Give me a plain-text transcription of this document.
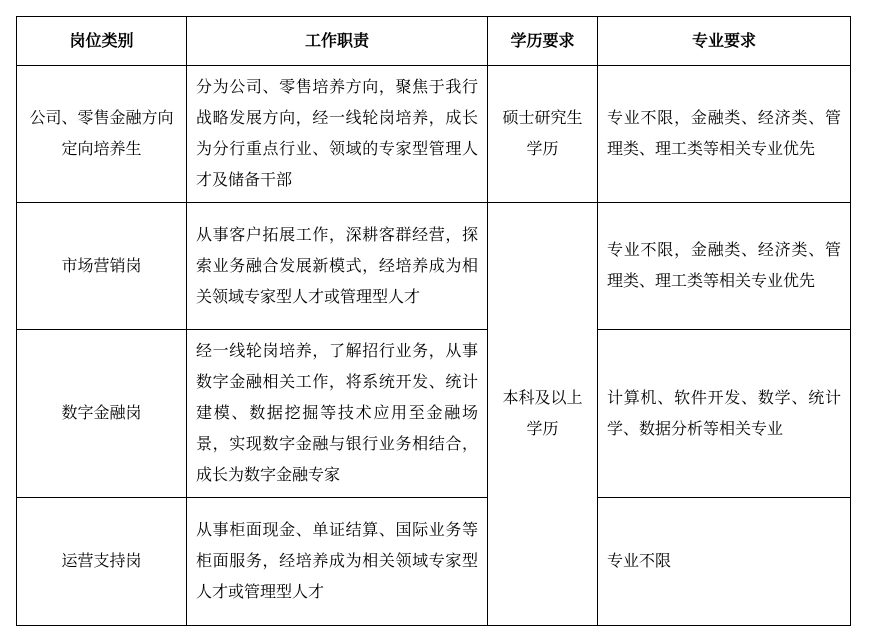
岗位类别	工作职责	学历要求	专业要求
公司、零售金融方向定向培养生	分为公司、零售培养方向，聚焦于我行战略发展方向，经一线轮岗培养，成长为分行重点行业、领域的专家型管理人才及储备干部	硕士研究生学历	专业不限，金融类、经济类、管理类、理工类等相关专业优先
市场营销岗	从事客户拓展工作，深耕客群经营，探索业务融合发展新模式，经培养成为相关领域专家型人才或管理型人才	本科及以上学历	专业不限，金融类、经济类、管理类、理工类等相关专业优先
数字金融岗	经一线轮岗培养，了解招行业务，从事数字金融相关工作，将系统开发、统计建模、数据挖掘等技术应用至金融场景，实现数字金融与银行业务相结合，成长为数字金融专家		计算机、软件开发、数学、统计学、数据分析等相关专业
运营支持岗	从事柜面现金、单证结算、国际业务等柜面服务，经培养成为相关领域专家型人才或管理型人才		专业不限
